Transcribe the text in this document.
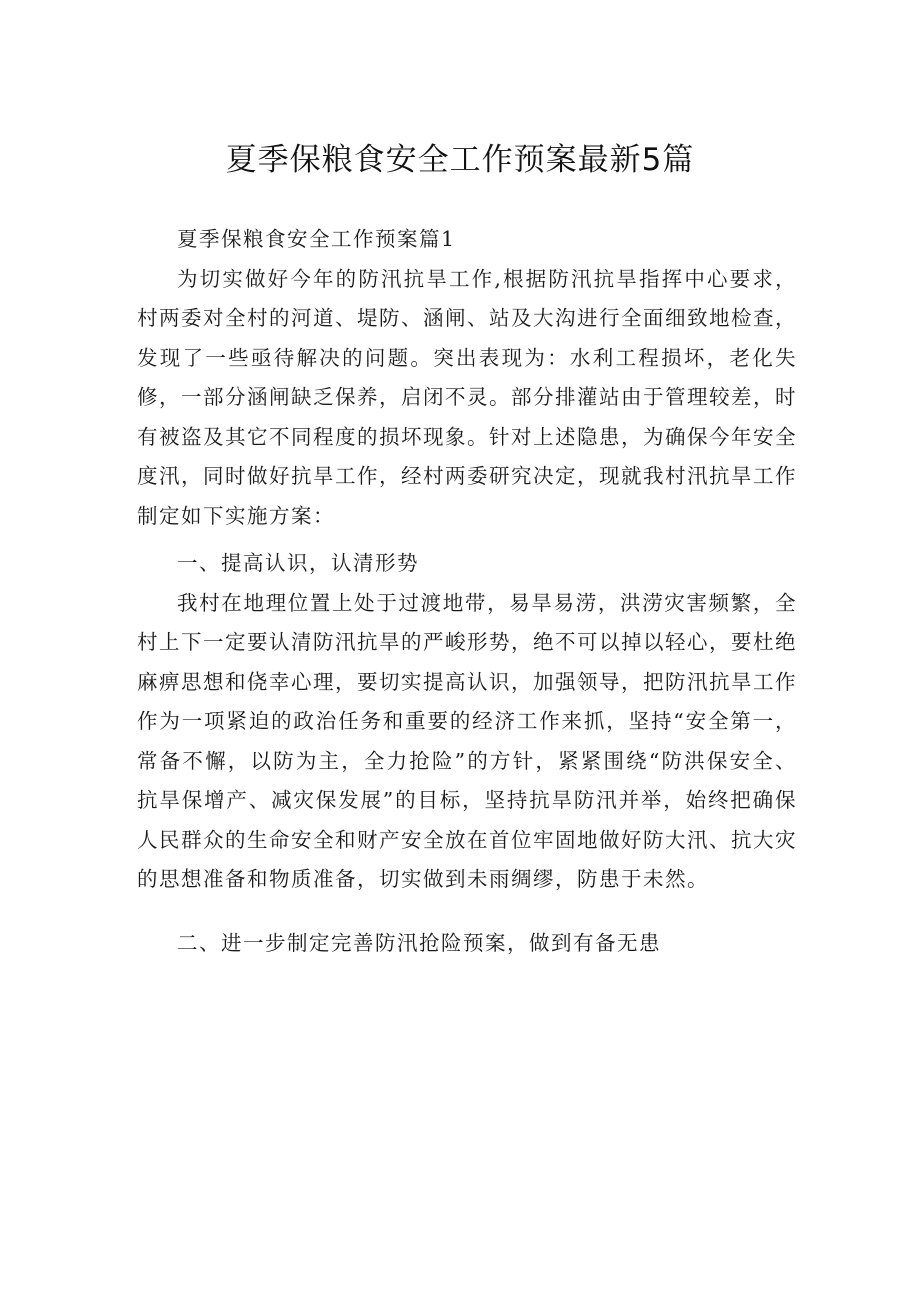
夏季保粮食安全工作预案最新5篇

夏季保粮食安全工作预案篇1

为切实做好今年的防汛抗旱工作,根据防汛抗旱指挥中心要求，村两委对全村的河道、堤防、涵闸、站及大沟进行全面细致地检查，发现了一些亟待解决的问题。突出表现为：水利工程损坏，老化失修，一部分涵闸缺乏保养，启闭不灵。部分排灌站由于管理较差，时有被盗及其它不同程度的损坏现象。针对上述隐患，为确保今年安全度汛，同时做好抗旱工作，经村两委研究决定，现就我村汛抗旱工作制定如下实施方案：

一、提高认识，认清形势

我村在地理位置上处于过渡地带，易旱易涝，洪涝灾害频繁，全村上下一定要认清防汛抗旱的严峻形势，绝不可以掉以轻心，要杜绝麻痹思想和侥幸心理，要切实提高认识，加强领导，把防汛抗旱工作作为一项紧迫的政治任务和重要的经济工作来抓，坚持“安全第一，常备不懈，以防为主，全力抢险”的方针，紧紧围绕“防洪保安全、抗旱保增产、减灾保发展”的目标，坚持抗旱防汛并举，始终把确保人民群众的生命安全和财产安全放在首位牢固地做好防大汛、抗大灾的思想准备和物质准备，切实做到未雨绸缪，防患于未然。

二、进一步制定完善防汛抢险预案，做到有备无患
